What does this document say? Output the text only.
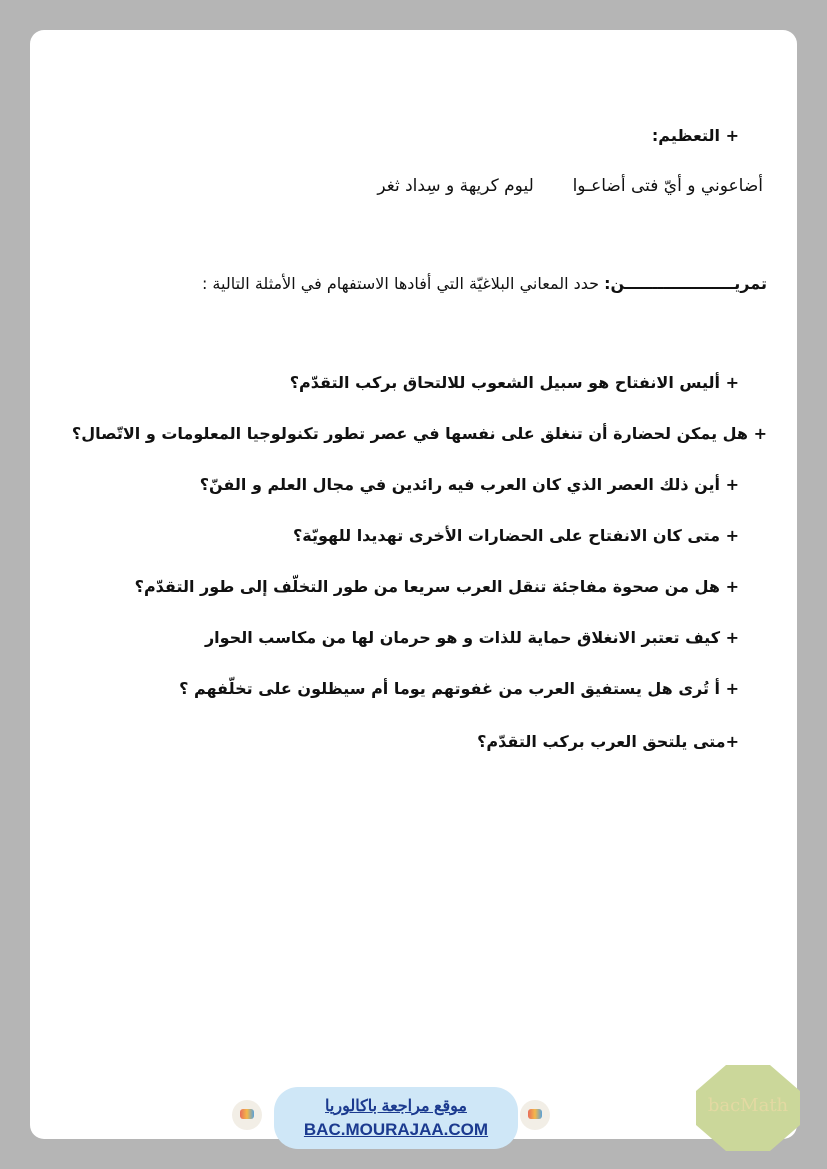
+ التعظيم:
أضاعوني و أيّ فتى أضاعـوا  ليوم كريهة و سِداد ثغر
تمريــــــــــــــــــــن: حدد المعاني البلاغيّة التي أفادها الاستفهام في الأمثلة التالية :
+ أليس الانفتاح هو سبيل الشعوب للالتحاق بركب التقدّم؟
+ هل يمكن لحضارة أن تنغلق على نفسها في عصر تطور تكنولوجيا المعلومات و الاتّصال؟
+ أين ذلك العصر الذي كان العرب فيه رائدين في مجال العلم و الفنّ؟
+ متى كان الانفتاح على الحضارات الأخرى تهديدا للهويّة؟
+ هل من صحوة مفاجئة تنقل العرب سريعا من طور التخلّف إلى طور التقدّم؟
+ كيف تعتبر الانغلاق حماية للذات و هو حرمان لها من مكاسب الحوار
+ أ تُرى هل يستفيق العرب من غفوتهم يوما أم سيظلون على تخلّفهم ؟
+متى يلتحق العرب بركب التقدّم؟
موقع مراجعة باكالوريا
BAC.MOURAJAA.COM
bacMath
